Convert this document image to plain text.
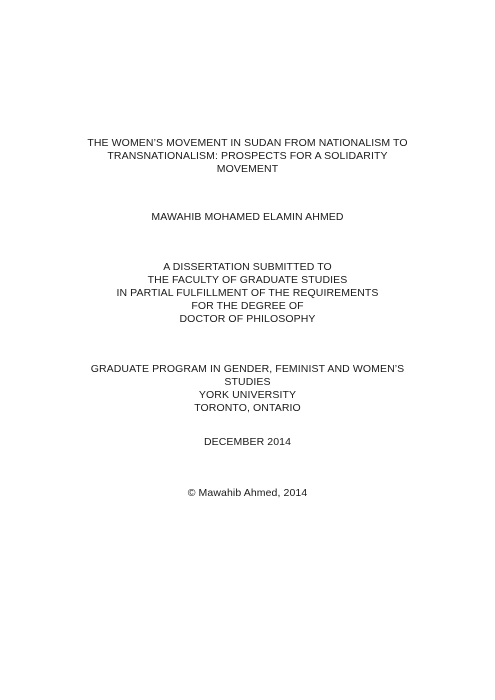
THE WOMEN’S MOVEMENT IN SUDAN FROM NATIONALISM TO
TRANSNATIONALISM: PROSPECTS FOR A SOLIDARITY
MOVEMENT
MAWAHIB MOHAMED ELAMIN AHMED
A DISSERTATION SUBMITTED TO
THE FACULTY OF GRADUATE STUDIES
IN PARTIAL FULFILLMENT OF THE REQUIREMENTS
FOR THE DEGREE OF
DOCTOR OF PHILOSOPHY
GRADUATE PROGRAM IN GENDER, FEMINIST AND WOMEN’S
STUDIES
YORK UNIVERSITY
TORONTO, ONTARIO
DECEMBER 2014
© Mawahib Ahmed, 2014
